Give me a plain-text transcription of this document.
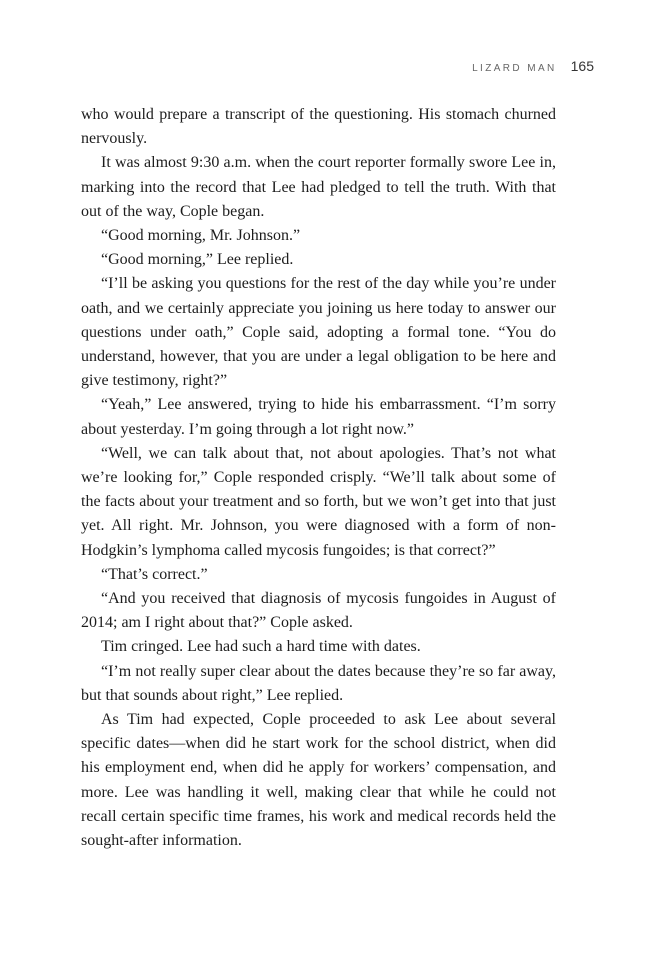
LIZARD MAN 165

who would prepare a transcript of the questioning. His stomach churned nervously.

It was almost 9:30 a.m. when the court reporter formally swore Lee in, marking into the record that Lee had pledged to tell the truth. With that out of the way, Cople began.

“Good morning, Mr. Johnson.”

“Good morning,” Lee replied.

“I’ll be asking you questions for the rest of the day while you’re under oath, and we certainly appreciate you joining us here today to answer our questions under oath,” Cople said, adopting a formal tone. “You do understand, however, that you are under a legal obligation to be here and give testimony, right?”

“Yeah,” Lee answered, trying to hide his embarrassment. “I’m sorry about yesterday. I’m going through a lot right now.”

“Well, we can talk about that, not about apologies. That’s not what we’re looking for,” Cople responded crisply. “We’ll talk about some of the facts about your treatment and so forth, but we won’t get into that just yet. All right. Mr. Johnson, you were diagnosed with a form of non-Hodgkin’s lymphoma called mycosis fungoides; is that correct?”

“That’s correct.”

“And you received that diagnosis of mycosis fungoides in August of 2014; am I right about that?” Cople asked.

Tim cringed. Lee had such a hard time with dates.

“I’m not really super clear about the dates because they’re so far away, but that sounds about right,” Lee replied.

As Tim had expected, Cople proceeded to ask Lee about several specific dates—when did he start work for the school district, when did his employment end, when did he apply for workers’ compensation, and more. Lee was handling it well, making clear that while he could not recall certain specific time frames, his work and medical records held the sought-after information.
